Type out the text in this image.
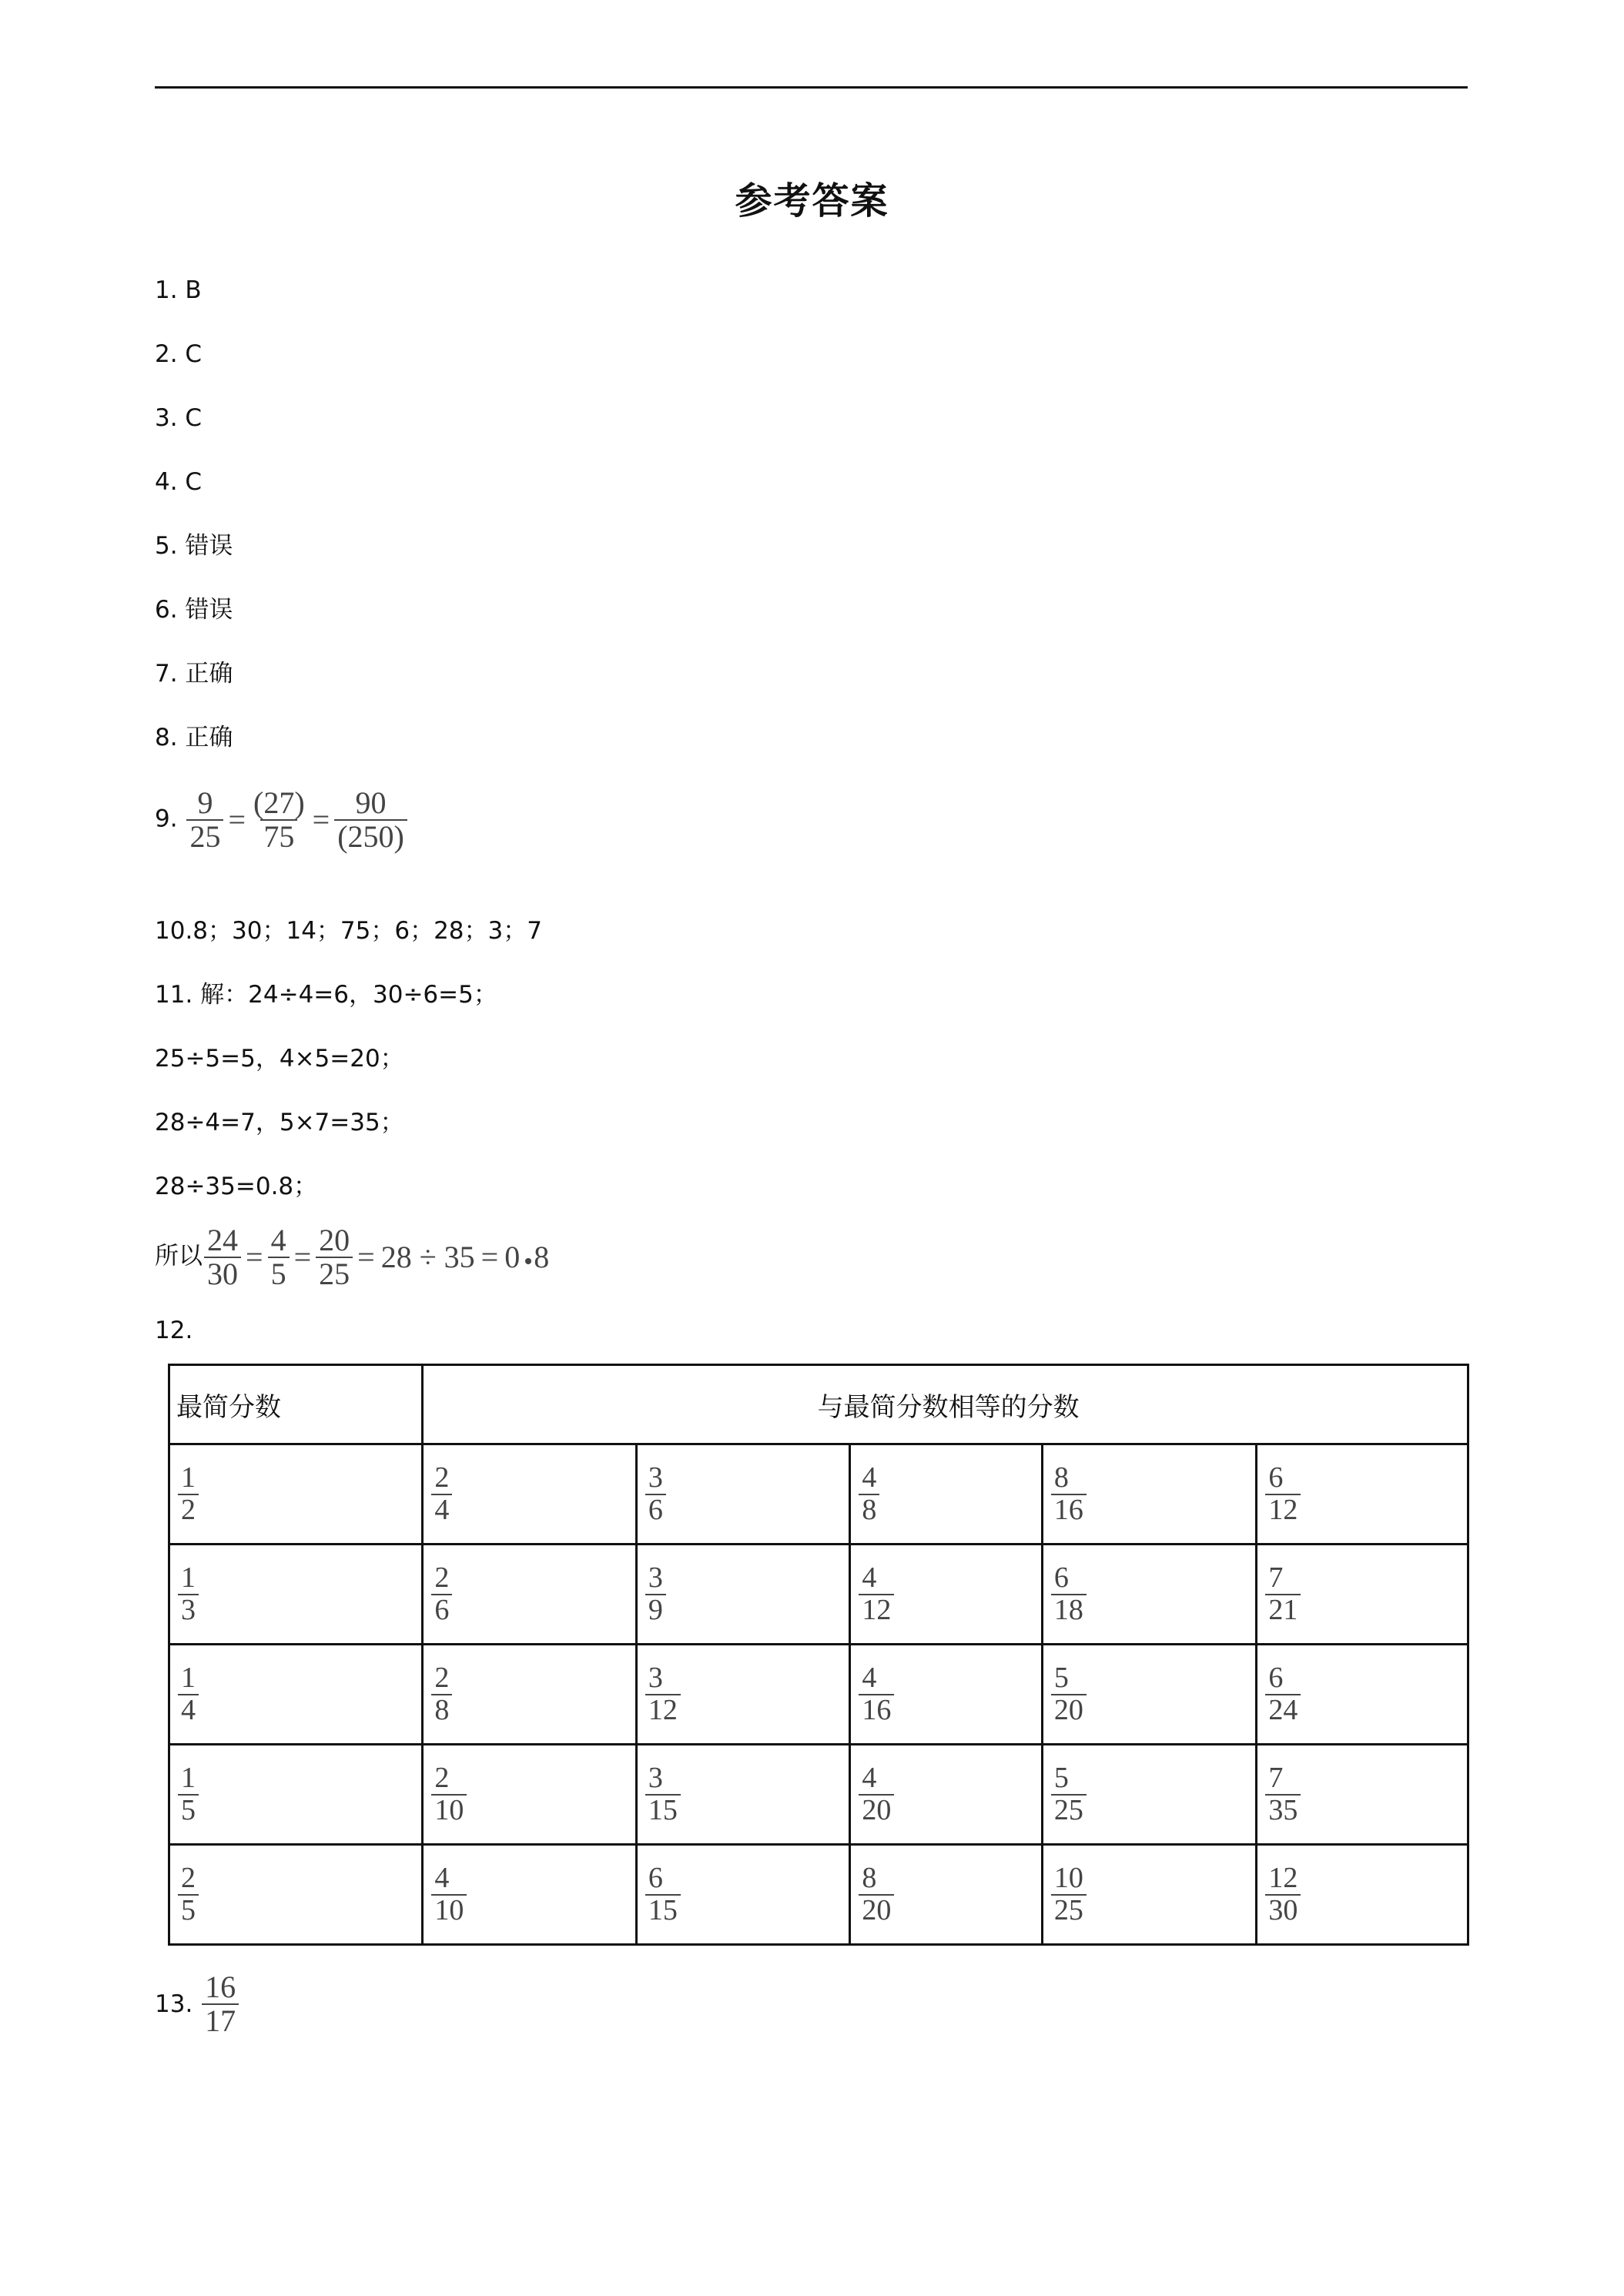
参考答案
1. B
2. C
3. C
4. C
5. 错误
6. 错误
7. 正确
8. 正确
9. $\frac{9}{25} = \frac{(27)}{75} = \frac{90}{(250)}$
10.8；30；14；75；6；28；3；7
11. 解：24÷4=6，30÷6=5；
25÷5=5，4×5=20；
28÷4=7，5×7=35；
28÷35=0.8；
所以 $\frac{24}{30} = \frac{4}{5} = \frac{20}{25} = 28 \div 35 = 0$ 8
12.
最简分数	与最简分数相等的分数				

$\frac{1}{2}$	$\frac{2}{4}$	$\frac{3}{6}$	$\frac{4}{8}$	$\frac{8}{16}$	$\frac{6}{12}$

$\frac{1}{3}$	$\frac{2}{6}$	$\frac{3}{9}$	$\frac{4}{12}$	$\frac{6}{18}$	$\frac{7}{21}$

$\frac{1}{4}$	$\frac{2}{8}$	$\frac{3}{12}$	$\frac{4}{16}$	$\frac{5}{20}$	$\frac{6}{24}$

$\frac{1}{5}$	$\frac{2}{10}$	$\frac{3}{15}$	$\frac{4}{20}$	$\frac{5}{25}$	$\frac{7}{35}$

$\frac{2}{5}$	$\frac{4}{10}$	$\frac{6}{15}$	$\frac{8}{20}$	$\frac{10}{25}$	$\frac{12}{30}$
13. $\frac{16}{17}$
